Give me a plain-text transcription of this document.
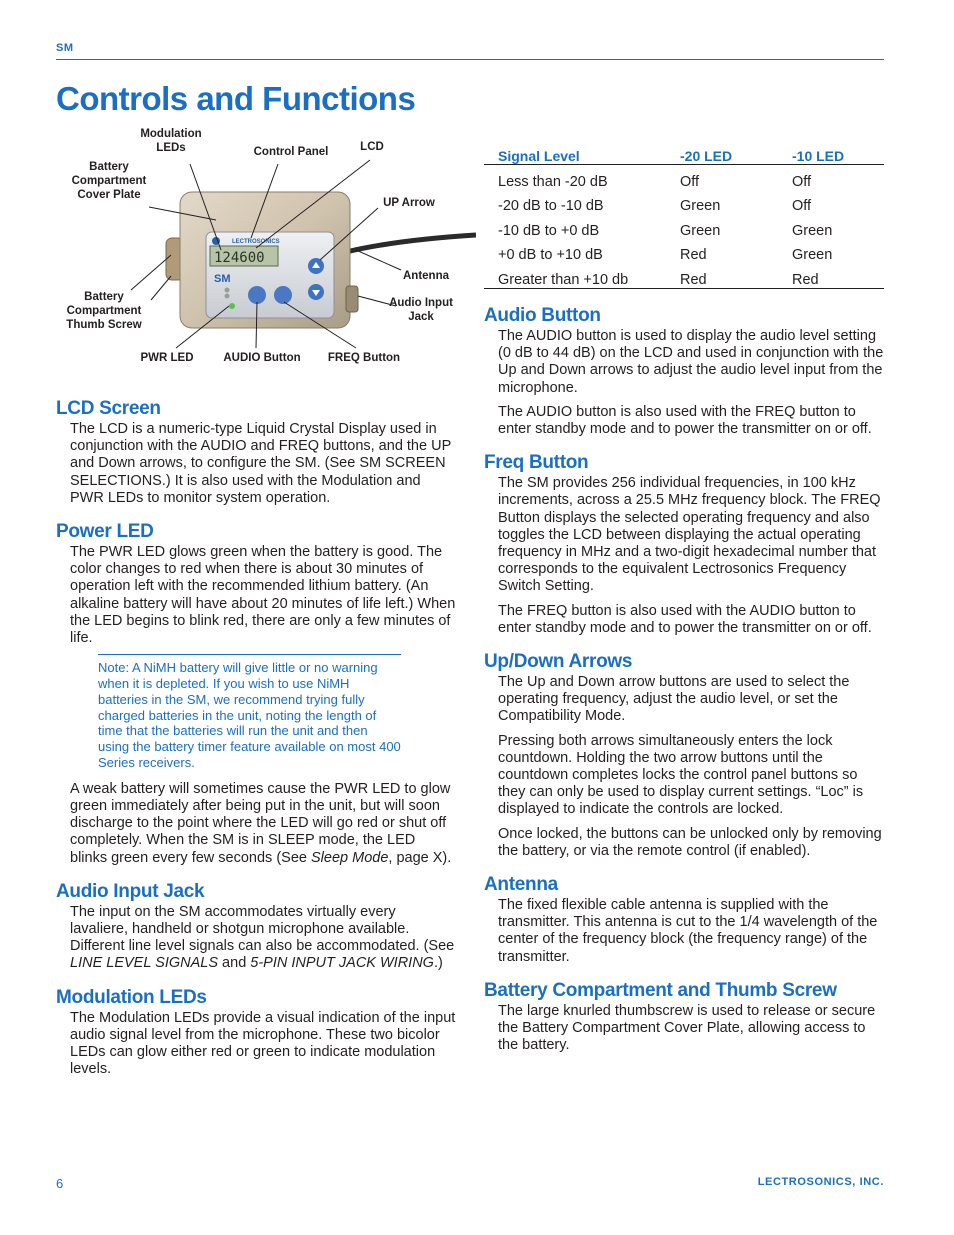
SM
Controls and Functions
124600
LECTROSONICS
SM
Modulation LEDs	Control Panel	LCD
Battery Compartment Cover Plate
UP Arrow
Antenna
Audio Input Jack
Battery Compartment Thumb Screw
PWR LED	AUDIO Button	FREQ Button
Signal Level	-20 LED	-10 LED
Less than -20 dB	Off	Off
-20 dB to -10 dB	Green	Off
-10 dB to +0 dB	Green	Green
+0 dB to +10 dB	Red	Green
Greater than +10 db	Red	Red
LCD Screen

The LCD is a numeric-type Liquid Crystal Display used in conjunction with the AUDIO and FREQ buttons, and the UP and Down arrows, to configure the SM. (See SM SCREEN SELECTIONS.) It is also used with the Modulation and PWR LEDs to monitor system operation.

Power LED

The PWR LED glows green when the battery is good. The color changes to red when there is about 30 minutes of operation left with the recommended lithium battery. (An alkaline battery will have about 20 minutes of life left.) When the LED begins to blink red, there are only a few minutes of life.

Note: A NiMH battery will give little or no warning when it is depleted. If you wish to use NiMH batteries in the SM, we recommend trying fully charged batteries in the unit, noting the length of time that the batteries will run the unit and then using the battery timer feature available on most 400 Series receivers.

A weak battery will sometimes cause the PWR LED to glow green immediately after being put in the unit, but will soon discharge to the point where the LED will go red or shut off completely. When the SM is in SLEEP mode, the LED blinks green every few seconds (See Sleep Mode, page X).

Audio Input Jack

The input on the SM accommodates virtually every lavaliere, handheld or shotgun microphone available. Different line level signals can also be accommodated. (See LINE LEVEL SIGNALS and 5-PIN INPUT JACK WIRING.)

Modulation LEDs

The Modulation LEDs provide a visual indication of the input audio signal level from the microphone. These two bicolor LEDs can glow either red or green to indicate modulation levels.

Audio Button

The AUDIO button is used to display the audio level setting (0 dB to 44 dB) on the LCD and used in conjunction with the Up and Down arrows to adjust the audio level input from the microphone.

The AUDIO button is also used with the FREQ button to enter standby mode and to power the transmitter on or off.

Freq Button

The SM provides 256 individual frequencies, in 100 kHz increments, across a 25.5 MHz frequency block. The FREQ Button displays the selected operating frequency and also toggles the LCD between displaying the actual operating frequency in MHz and a two-digit hexadecimal number that corresponds to the equivalent Lectrosonics Frequency Switch Setting.

The FREQ button is also used with the AUDIO button to enter standby mode and to power the transmitter on or off.

Up/Down Arrows

The Up and Down arrow buttons are used to select the operating frequency, adjust the audio level, or set the Compatibility Mode.

Pressing both arrows simultaneously enters the lock countdown. Holding the two arrow buttons until the countdown completes locks the control panel buttons so they can only be used to display current settings. “Loc” is displayed to indicate the controls are locked.

Once locked, the buttons can be unlocked only by removing the battery, or via the remote control (if enabled).

Antenna

The fixed flexible cable antenna is supplied with the transmitter. This antenna is cut to the 1/4 wavelength of the center of the frequency block (the frequency range) of the transmitter.

Battery Compartment and Thumb Screw

The large knurled thumbscrew is used to release or secure the Battery Compartment Cover Plate, allowing access to the battery.

6	LECTROSONICS, INC.
